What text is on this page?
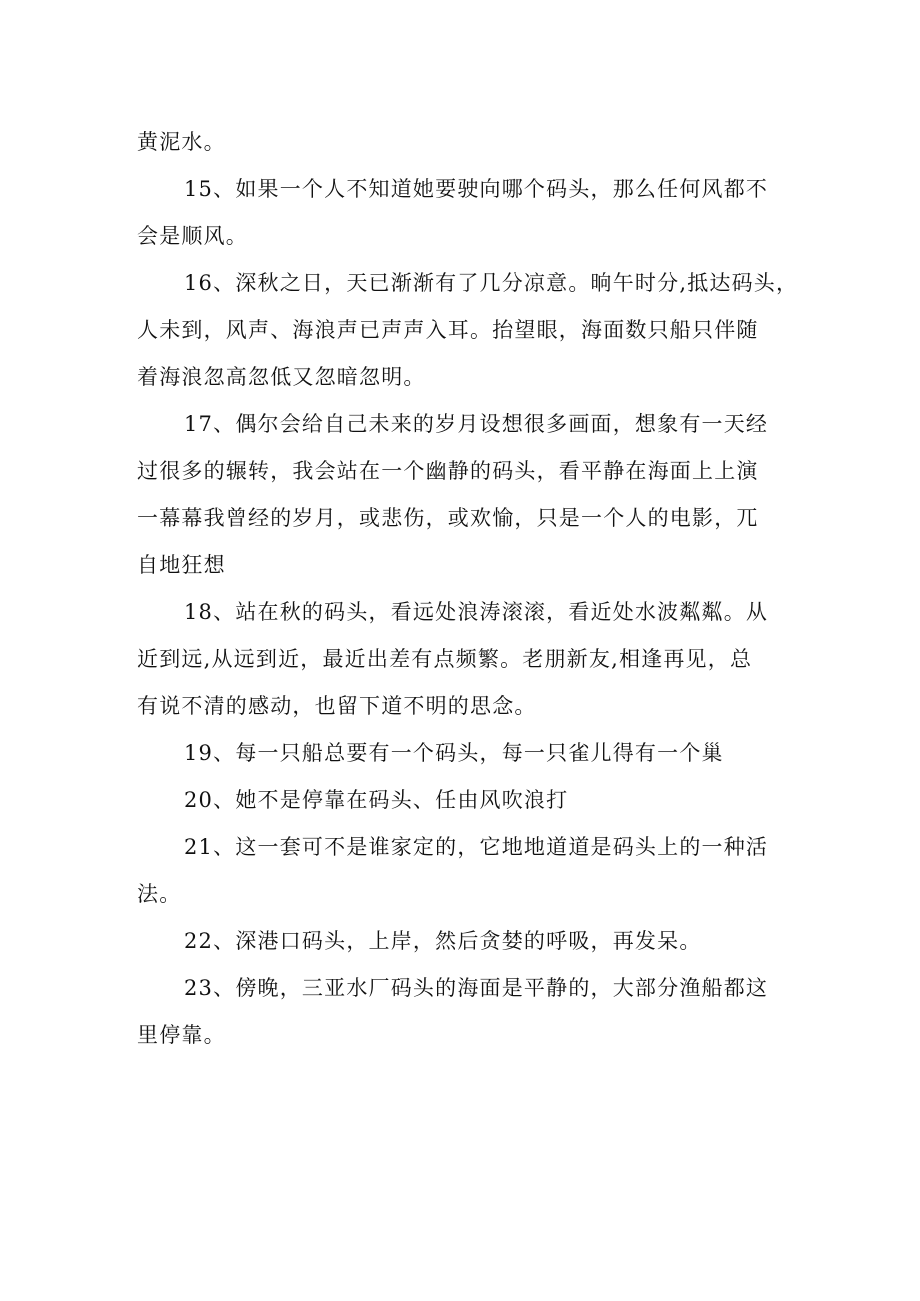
黄泥水。

15、如果一个人不知道她要驶向哪个码头，那么任何风都不
会是顺风。

16、深秋之日，天已渐渐有了几分凉意。晌午时分,抵达码头，
人未到，风声、海浪声已声声入耳。抬望眼，海面数只船只伴随
着海浪忽高忽低又忽暗忽明。

17、偶尔会给自己未来的岁月设想很多画面，想象有一天经
过很多的辗转，我会站在一个幽静的码头，看平静在海面上上演
一幕幕我曾经的岁月，或悲伤，或欢愉，只是一个人的电影，兀
自地狂想

18、站在秋的码头，看远处浪涛滚滚，看近处水波粼粼。从
近到远,从远到近，最近出差有点频繁。老朋新友,相逢再见，总
有说不清的感动，也留下道不明的思念。

19、每一只船总要有一个码头，每一只雀儿得有一个巢

20、她不是停靠在码头、任由风吹浪打

21、这一套可不是谁家定的，它地地道道是码头上的一种活
法。

22、深港口码头，上岸，然后贪婪的呼吸，再发呆。

23、傍晚，三亚水厂码头的海面是平静的，大部分渔船都这
里停靠。
